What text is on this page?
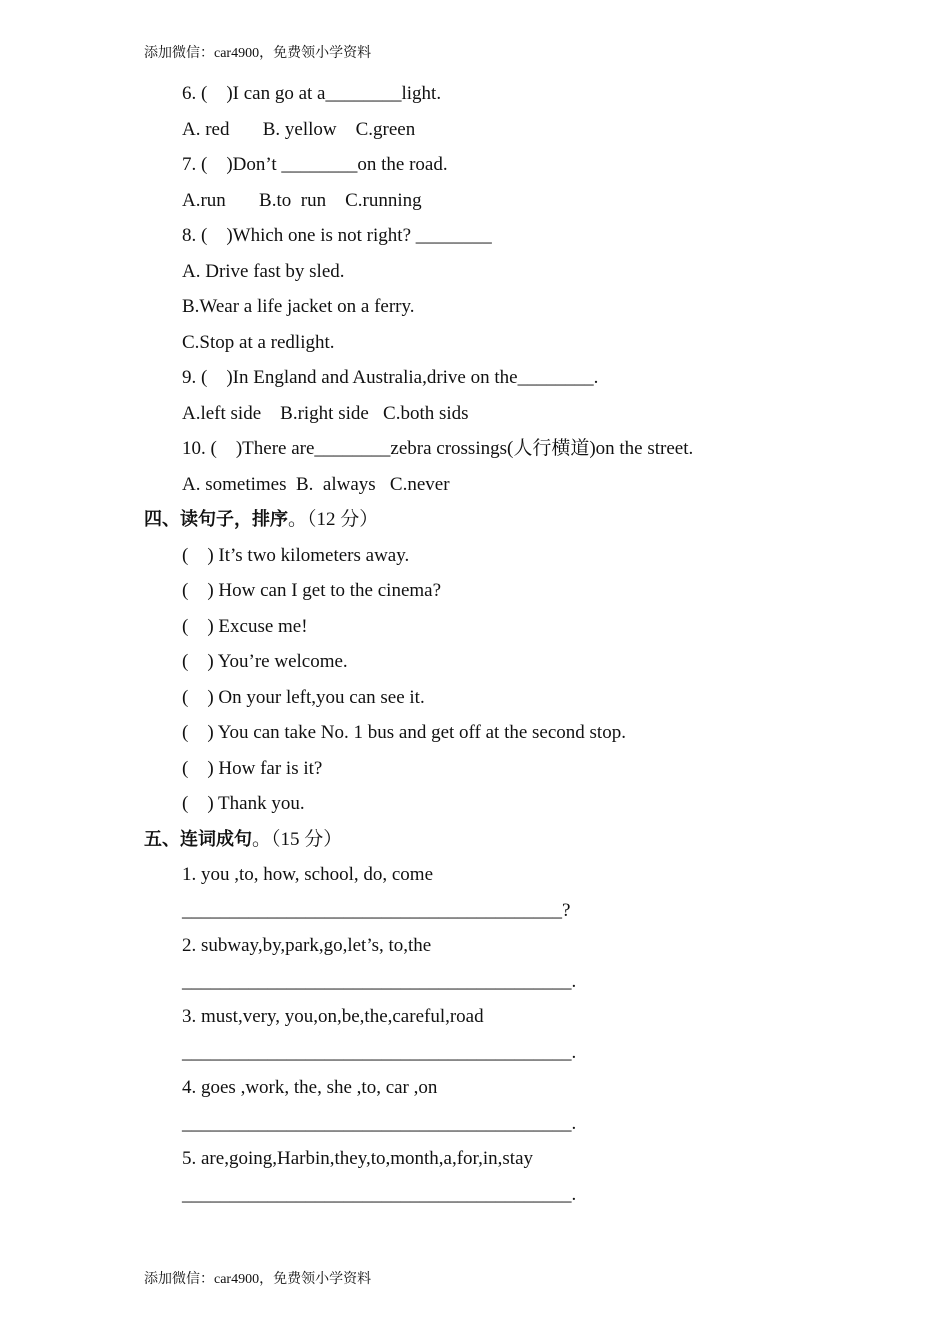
添加微信：car4900，免费领小学资料
6. (    )I can go at a________light.
A. red       B. yellow    C.green
7. (    )Don’t ________on the road.
A.run       B.to  run    C.running
8. (    )Which one is not right? ________
A. Drive fast by sled.
B.Wear a life jacket on a ferry.
C.Stop at a redlight.
9. (    )In England and Australia,drive on the________.
A.left side    B.right side   C.both sids
10. (    )There are________zebra crossings(人行横道)on the street.
A. sometimes  B.  always   C.never
四、读句子，排序。（12 分）
(    ) It’s two kilometers away.
(    ) How can I get to the cinema?
(    ) Excuse me!
(    ) You’re welcome.
(    ) On your left,you can see it.
(    ) You can take No. 1 bus and get off at the second stop.
(    ) How far is it?
(    ) Thank you.
五、连词成句。（15 分）
1. you ,to, how, school, do, come
________________________________________?
2. subway,by,park,go,let’s, to,the
_________________________________________.
3. must,very, you,on,be,the,careful,road
_________________________________________.
4. goes ,work, the, she ,to, car ,on
_________________________________________.
5. are,going,Harbin,they,to,month,a,for,in,stay
_________________________________________.
添加微信：car4900，免费领小学资料
